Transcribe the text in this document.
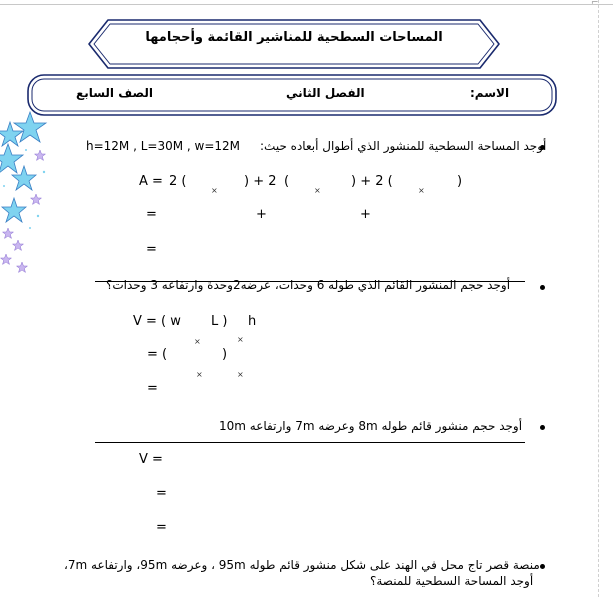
⌐
المساحات السطحية للمناشير القائمة وأحجامها
الاسم:
الفصل الثاني
الصف السابع
أوجد المساحة السطحية للمنشور الذي أطوال أبعاده حيث:
h=12M , L=30M , w=12M
A = 2 (
×
) + 2 (
×
) + 2 (
×
)
=	+	+
=
أوجد حجم المنشور القائم الذي طوله 6 وحدات، عرضه2وحدة وارتفاعه 3 وحدات؟
V = ( w L ) h
×	×
= (	)
×	×
=
أوجد حجم منشور قائم طوله 8m وعرضه 7m وارتفاعه 10m
V =
=
=
منصة قصر تاج محل في الهند على شكل منشور قائم طوله 95m ، وعرضه 95m، وارتفاعه 7m،
أوجد المساحة السطحية للمنصة؟
